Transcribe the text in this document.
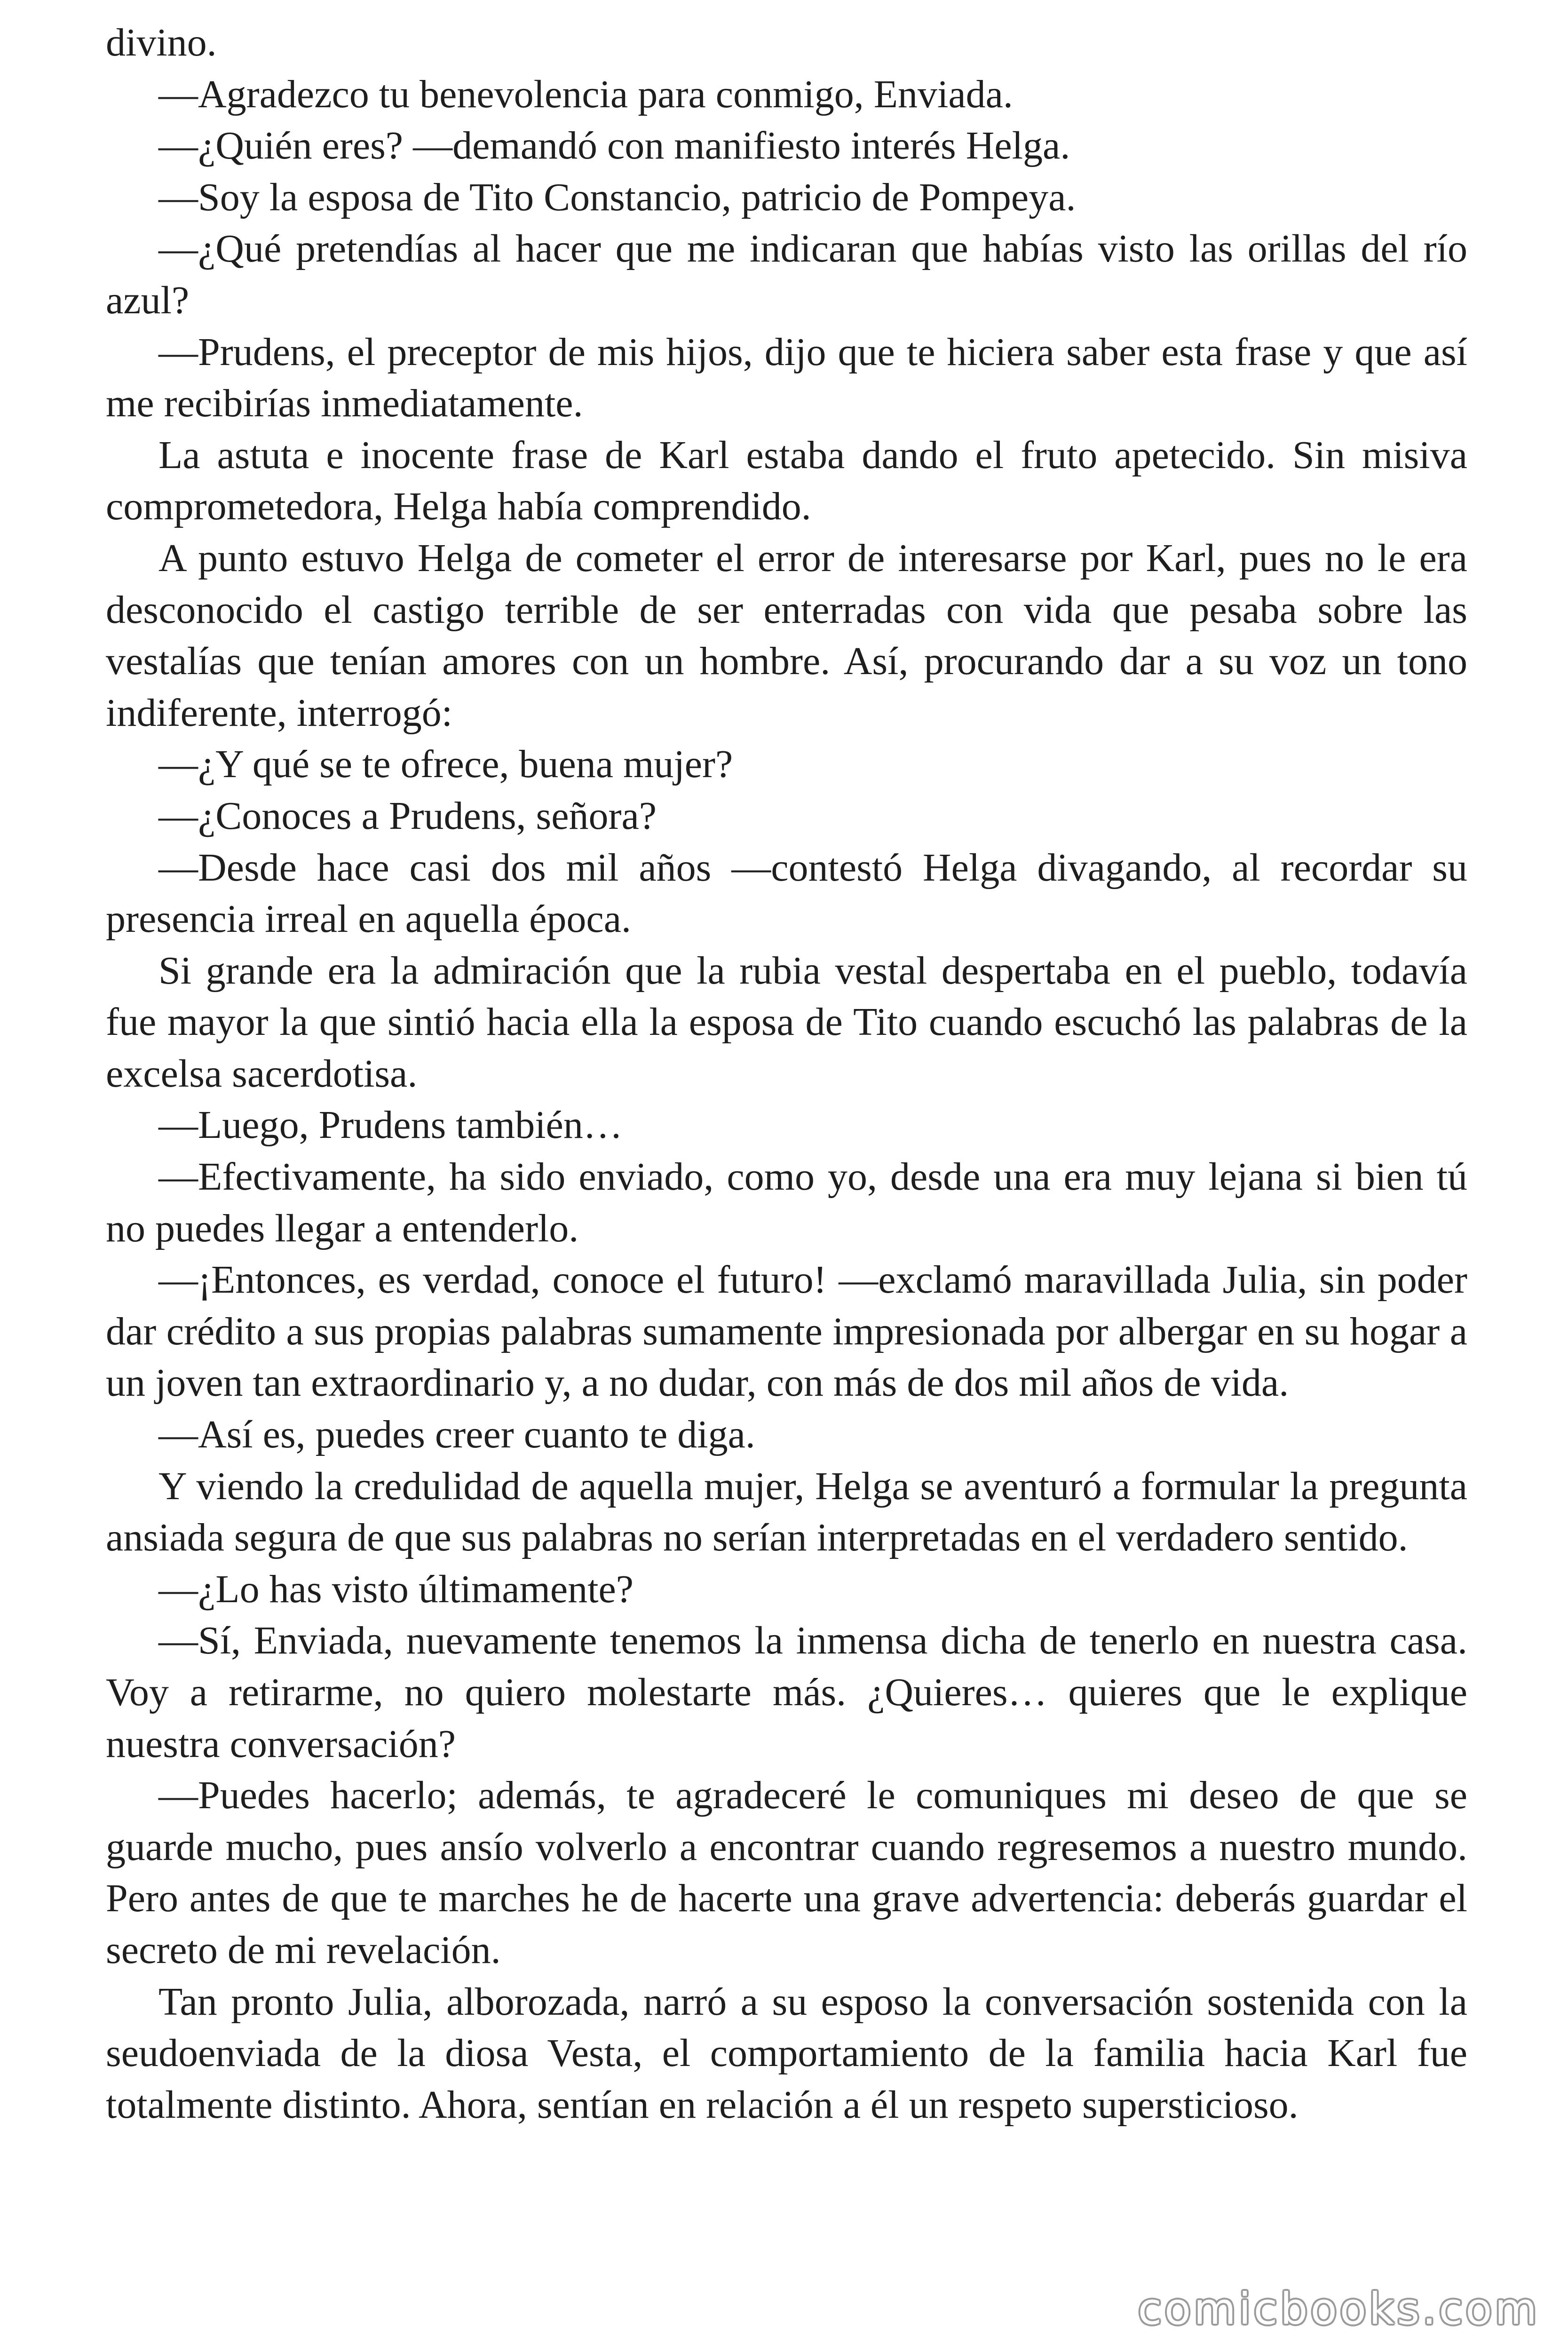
divino.

—Agradezco tu benevolencia para conmigo, Enviada.

—¿Quién eres? —demandó con manifiesto interés Helga.

—Soy la esposa de Tito Constancio, patricio de Pompeya.

—¿Qué pretendías al hacer que me indicaran que habías visto las orillas del río azul?

—Prudens, el preceptor de mis hijos, dijo que te hiciera saber esta frase y que así me recibirías inmediatamente.

La astuta e inocente frase de Karl estaba dando el fruto apetecido. Sin misiva comprometedora, Helga había comprendido.

A punto estuvo Helga de cometer el error de interesarse por Karl, pues no le era desconocido el castigo terrible de ser enterradas con vida que pesaba sobre las vestalías que tenían amores con un hombre. Así, procurando dar a su voz un tono indiferente, interrogó:

—¿Y qué se te ofrece, buena mujer?

—¿Conoces a Prudens, señora?

—Desde hace casi dos mil años —contestó Helga divagando, al recordar su presencia irreal en aquella época.

Si grande era la admiración que la rubia vestal despertaba en el pueblo, todavía fue mayor la que sintió hacia ella la esposa de Tito cuando escuchó las palabras de la excelsa sacerdotisa.

—Luego, Prudens también…

—Efectivamente, ha sido enviado, como yo, desde una era muy lejana si bien tú no puedes llegar a entenderlo.

—¡Entonces, es verdad, conoce el futuro! —exclamó maravillada Julia, sin poder dar crédito a sus propias palabras sumamente impresionada por albergar en su hogar a un joven tan extraordinario y, a no dudar, con más de dos mil años de vida.

—Así es, puedes creer cuanto te diga.

Y viendo la credulidad de aquella mujer, Helga se aventuró a formular la pregunta ansiada segura de que sus palabras no serían interpretadas en el verdadero sentido.

—¿Lo has visto últimamente?

—Sí, Enviada, nuevamente tenemos la inmensa dicha de tenerlo en nuestra casa. Voy a retirarme, no quiero molestarte más. ¿Quieres… quieres que le explique nuestra conversación?

—Puedes hacerlo; además, te agradeceré le comuniques mi deseo de que se guarde mucho, pues ansío volverlo a encontrar cuando regresemos a nuestro mundo. Pero antes de que te marches he de hacerte una grave advertencia: deberás guardar el secreto de mi revelación.

Tan pronto Julia, alborozada, narró a su esposo la conversación sostenida con la seudoenviada de la diosa Vesta, el comportamiento de la familia hacia Karl fue totalmente distinto. Ahora, sentían en relación a él un respeto supersticioso.

comicbooks.com
